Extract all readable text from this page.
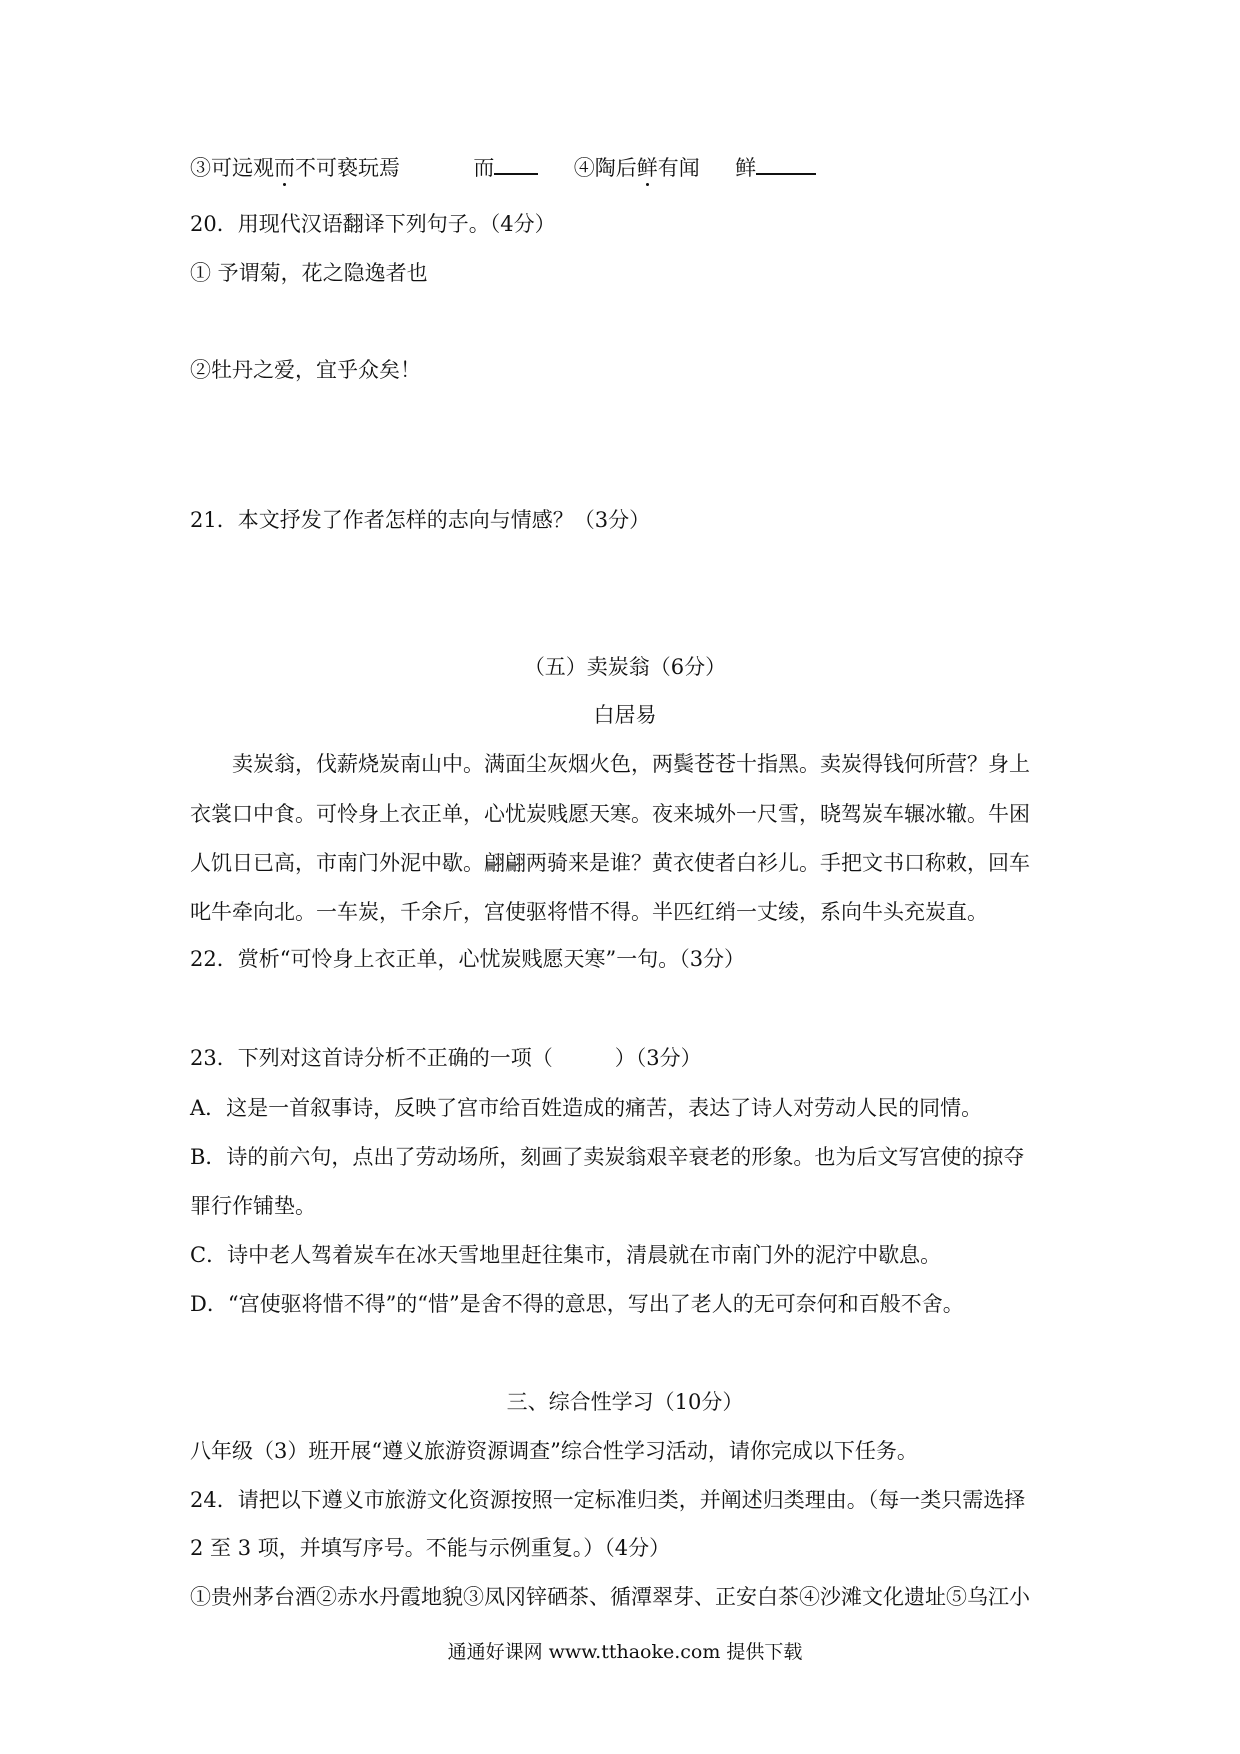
③可远观而不可亵玩焉	而	④陶后鲜有闻 鲜
20．用现代汉语翻译下列句子。（4分）
① 予谓菊，花之隐逸者也
②牡丹之爱，宜乎众矣！
21．本文抒发了作者怎样的志向与情感？（3分）
（五）卖炭翁（6分）
白居易
卖炭翁，伐薪烧炭南山中。满面尘灰烟火色，两鬓苍苍十指黑。卖炭得钱何所营？身上
衣裳口中食。可怜身上衣正单，心忧炭贱愿天寒。夜来城外一尺雪，晓驾炭车辗冰辙。牛困
人饥日已高，市南门外泥中歇。翩翩两骑来是谁？黄衣使者白衫儿。手把文书口称敕，回车
叱牛牵向北。一车炭，千余斤，宫使驱将惜不得。半匹红绡一丈绫，系向牛头充炭直。
22．赏析“可怜身上衣正单，心忧炭贱愿天寒”一句。（3分）
23．下列对这首诗分析不正确的一项（	）（3分）
A．这是一首叙事诗，反映了宫市给百姓造成的痛苦，表达了诗人对劳动人民的同情。
B．诗的前六句，点出了劳动场所，刻画了卖炭翁艰辛衰老的形象。也为后文写宫使的掠夺
罪行作铺垫。
C．诗中老人驾着炭车在冰天雪地里赶往集市，清晨就在市南门外的泥泞中歇息。
D．“宫使驱将惜不得”的“惜”是舍不得的意思，写出了老人的无可奈何和百般不舍。
三、综合性学习（10分）
八年级（3）班开展“遵义旅游资源调查”综合性学习活动，请你完成以下任务。
24．请把以下遵义市旅游文化资源按照一定标准归类，并阐述归类理由。（每一类只需选择
2 至 3 项，并填写序号。不能与示例重复。）（4分）
①贵州茅台酒②赤水丹霞地貌③凤冈锌硒茶、循潭翠芽、正安白茶④沙滩文化遗址⑤乌江小
通通好课网 www.tthaoke.com 提供下载
